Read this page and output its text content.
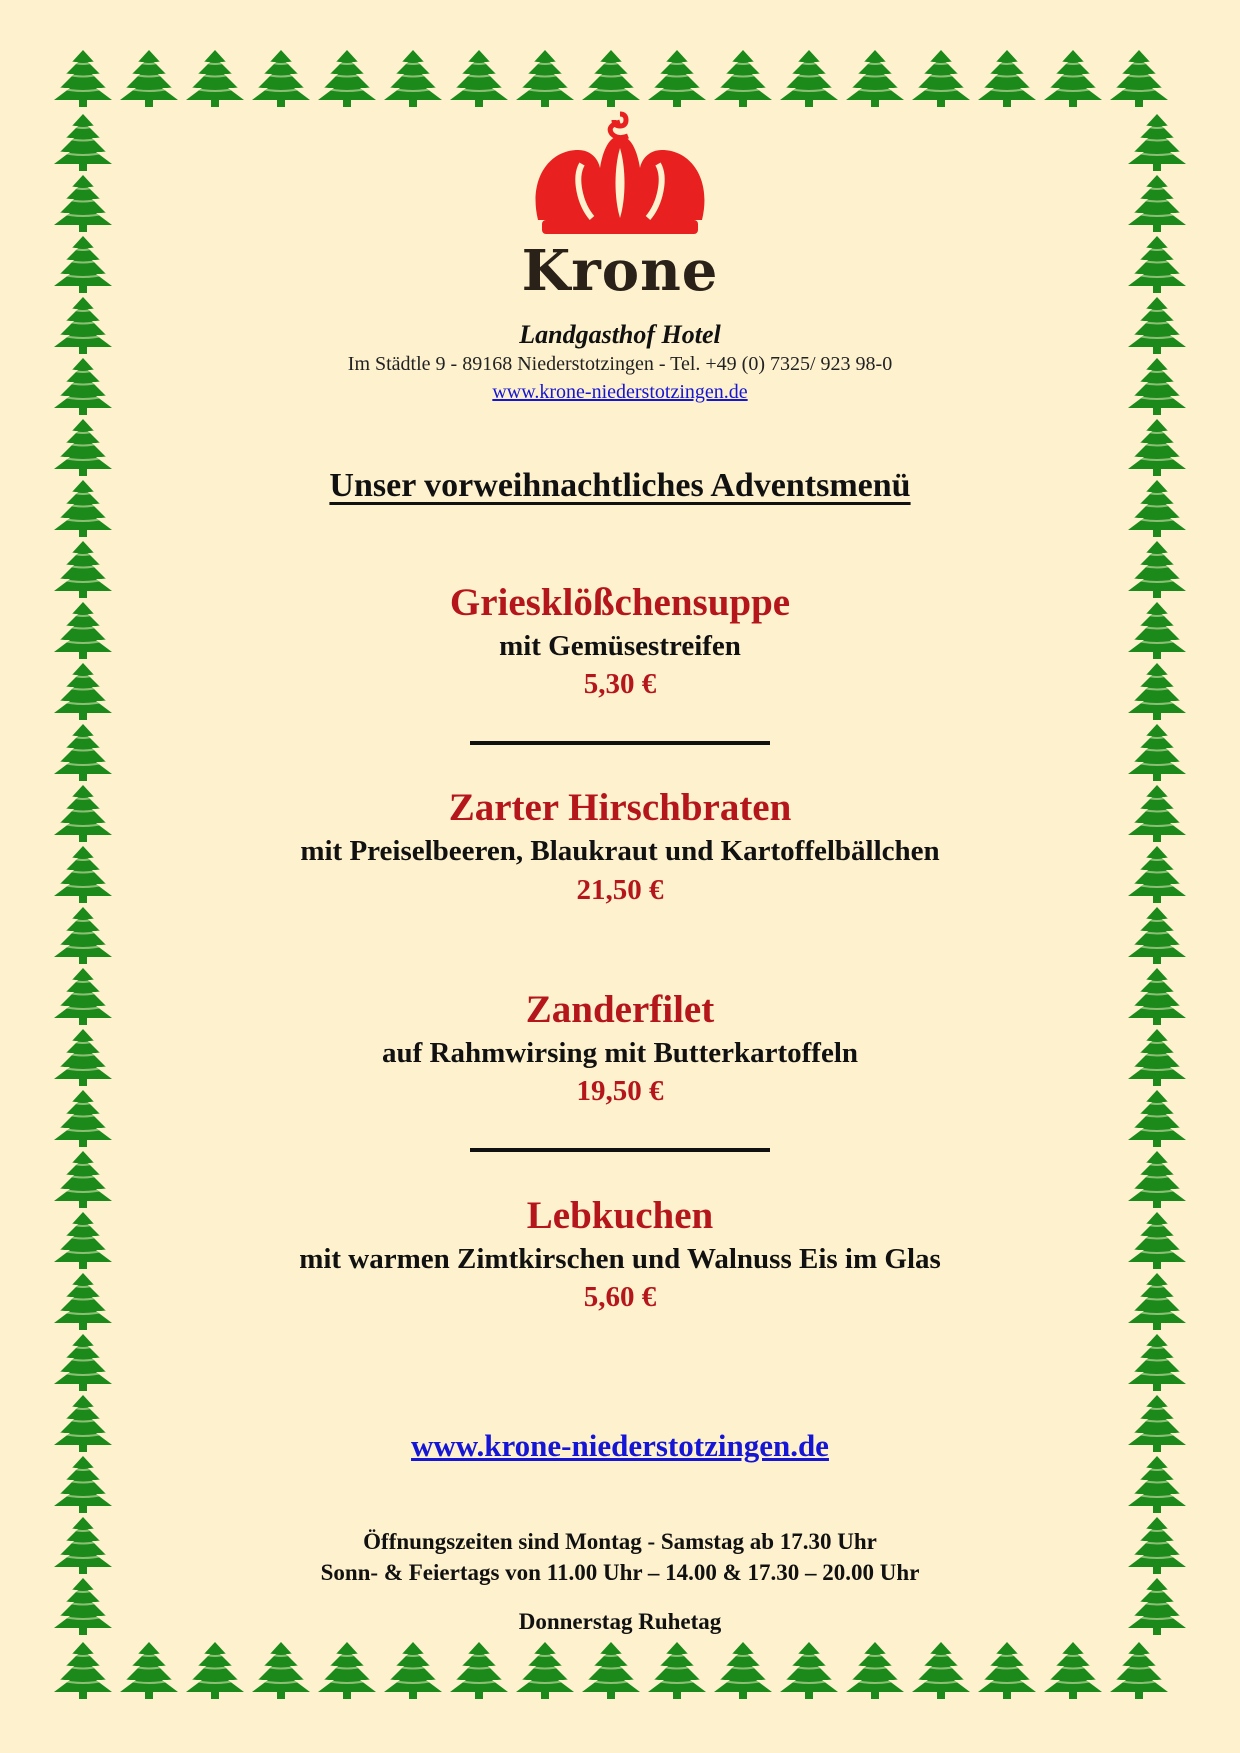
Krone
Landgasthof Hotel
Im Städtle 9 - 89168 Niederstotzingen - Tel. +49 (0) 7325/ 923 98-0
www.krone-niederstotzingen.de
Unser vorweihnachtliches Adventsmenü
Griesklößchensuppe
mit Gemüsestreifen
5,30 €
Zarter Hirschbraten
mit Preiselbeeren, Blaukraut und Kartoffelbällchen
21,50 €
Zanderfilet
auf Rahmwirsing mit Butterkartoffeln
19,50 €
Lebkuchen
mit warmen Zimtkirschen und Walnuss Eis im Glas
5,60 €
www.krone-niederstotzingen.de
Öffnungszeiten sind Montag - Samstag ab 17.30 Uhr
Sonn- & Feiertags von 11.00 Uhr – 14.00 & 17.30 – 20.00 Uhr
Donnerstag Ruhetag
